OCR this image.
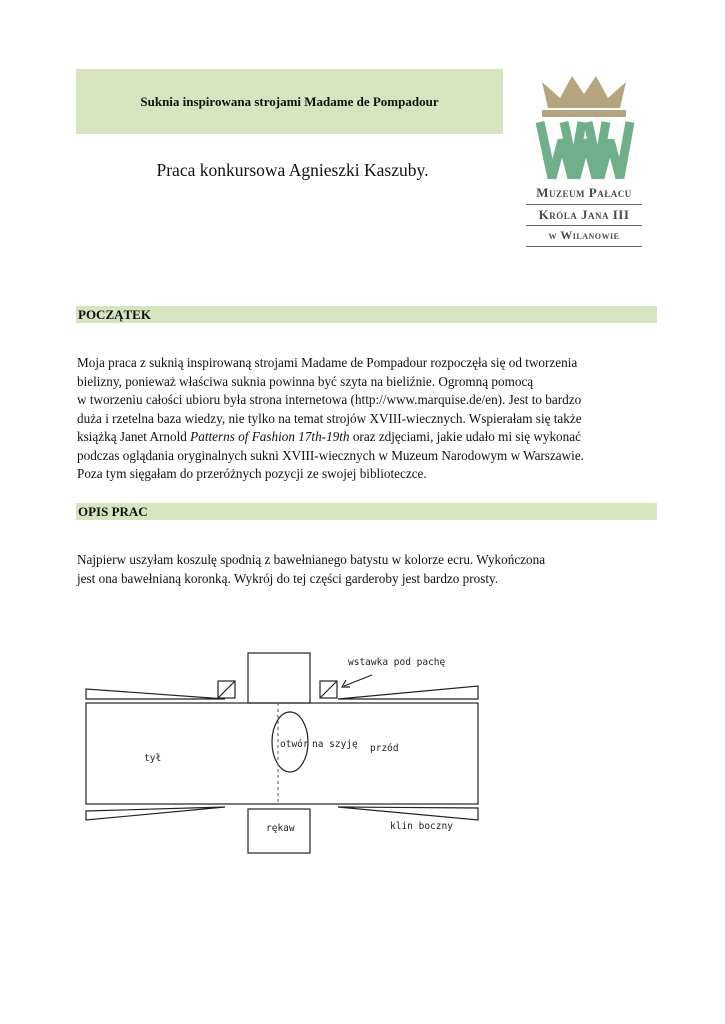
Suknia inspirowana strojami Madame de Pompadour
Praca konkursowa Agnieszki Kaszuby.
Muzeum Pałacu
Króla Jana III
w Wilanowie
POCZĄTEK

Moja praca z suknią inspirowaną strojami Madame de Pompadour rozpoczęła się od tworzenia

bielizny, ponieważ właściwa suknia powinna być szyta na bieliźnie. Ogromną pomocą

w tworzeniu całości ubioru była strona internetowa (http://www.marquise.de/en). Jest to bardzo

duża i rzetelna baza wiedzy, nie tylko na temat strojów XVIII-wiecznych. Wspierałam się także

książką Janet Arnold Patterns of Fashion 17th-19th oraz zdjęciami, jakie udało mi się wykonać

podczas oglądania oryginalnych sukni XVIII-wiecznych w Muzeum Narodowym w Warszawie.

Poza tym sięgałam do przeróżnych pozycji ze swojej biblioteczce.

OPIS PRAC

Najpierw uszyłam koszulę spodnią z bawełnianego batystu w kolorze ecru. Wykończona

jest ona bawełnianą koronką. Wykrój do tej części garderoby jest bardzo prosty.

wstawka pod pachę
tył
otwór na szyję przód
rękaw	klin boczny
